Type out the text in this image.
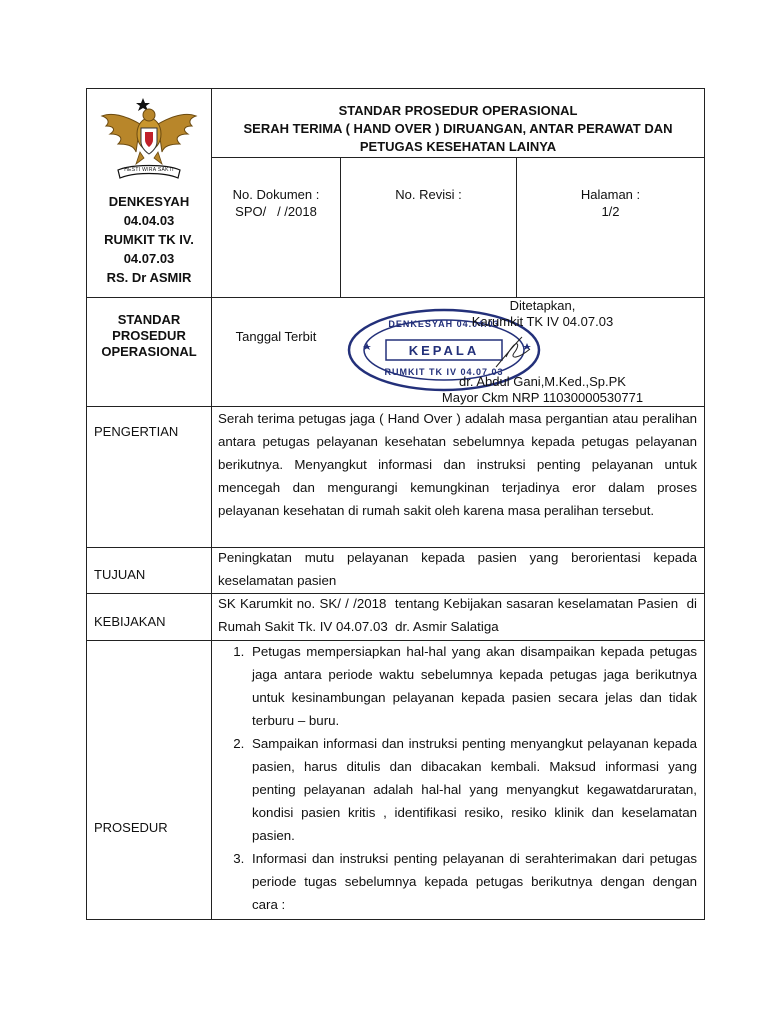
HESTI WIRA SAKTI
DENKESYAH
04.04.03
RUMKIT TK IV.
04.07.03
RS. Dr ASMIR
STANDAR PROSEDUR OPERASIONAL
SERAH TERIMA ( HAND OVER ) DIRUANGAN, ANTAR PERAWAT DAN
PETUGAS KESEHATAN LAINYA
No. Dokumen :
SPO/   / /2018
No. Revisi :	Halaman :
1/2
STANDAR
PROSEDUR
OPERASIONAL
Tanggal Terbit
DENKESYAH 04.04.03
KEPALA
RUMKIT TK IV 04.07.03
Ditetapkan,
Karumkit TK IV 04.07.03
dr. Abdul Gani,M.Ked.,Sp.PK
Mayor Ckm NRP 11030000530771
PENGERTIAN
Serah terima petugas jaga ( Hand Over ) adalah masa pergantian atau peralihan antara petugas pelayanan kesehatan sebelumnya kepada petugas pelayanan berikutnya. Menyangkut informasi dan instruksi penting pelayanan untuk mencegah dan mengurangi kemungkinan terjadinya eror dalam proses pelayanan kesehatan di rumah sakit oleh karena masa peralihan tersebut.
TUJUAN
Peningkatan mutu pelayanan kepada pasien yang berorientasi kepada keselamatan pasien
KEBIJAKAN
SK Karumkit no. SK/ / /2018  tentang Kebijakan sasaran keselamatan Pasien  di Rumah Sakit Tk. IV 04.07.03  dr. Asmir Salatiga
PROSEDUR
1. Petugas mempersiapkan hal-hal yang akan disampaikan kepada petugas jaga antara periode waktu sebelumnya kepada petugas jaga berikutnya untuk kesinambungan pelayanan kepada pasien secara jelas dan tidak terburu – buru.
2. Sampaikan informasi dan instruksi penting menyangkut pelayanan kepada pasien, harus ditulis dan dibacakan kembali. Maksud informasi yang penting pelayanan adalah hal-hal yang menyangkut kegawatdaruratan, kondisi pasien kritis , identifikasi resiko, resiko klinik dan keselamatan pasien.
3. Informasi dan instruksi penting pelayanan di serahterimakan dari petugas periode tugas sebelumnya kepada petugas berikutnya dengan dengan cara :
